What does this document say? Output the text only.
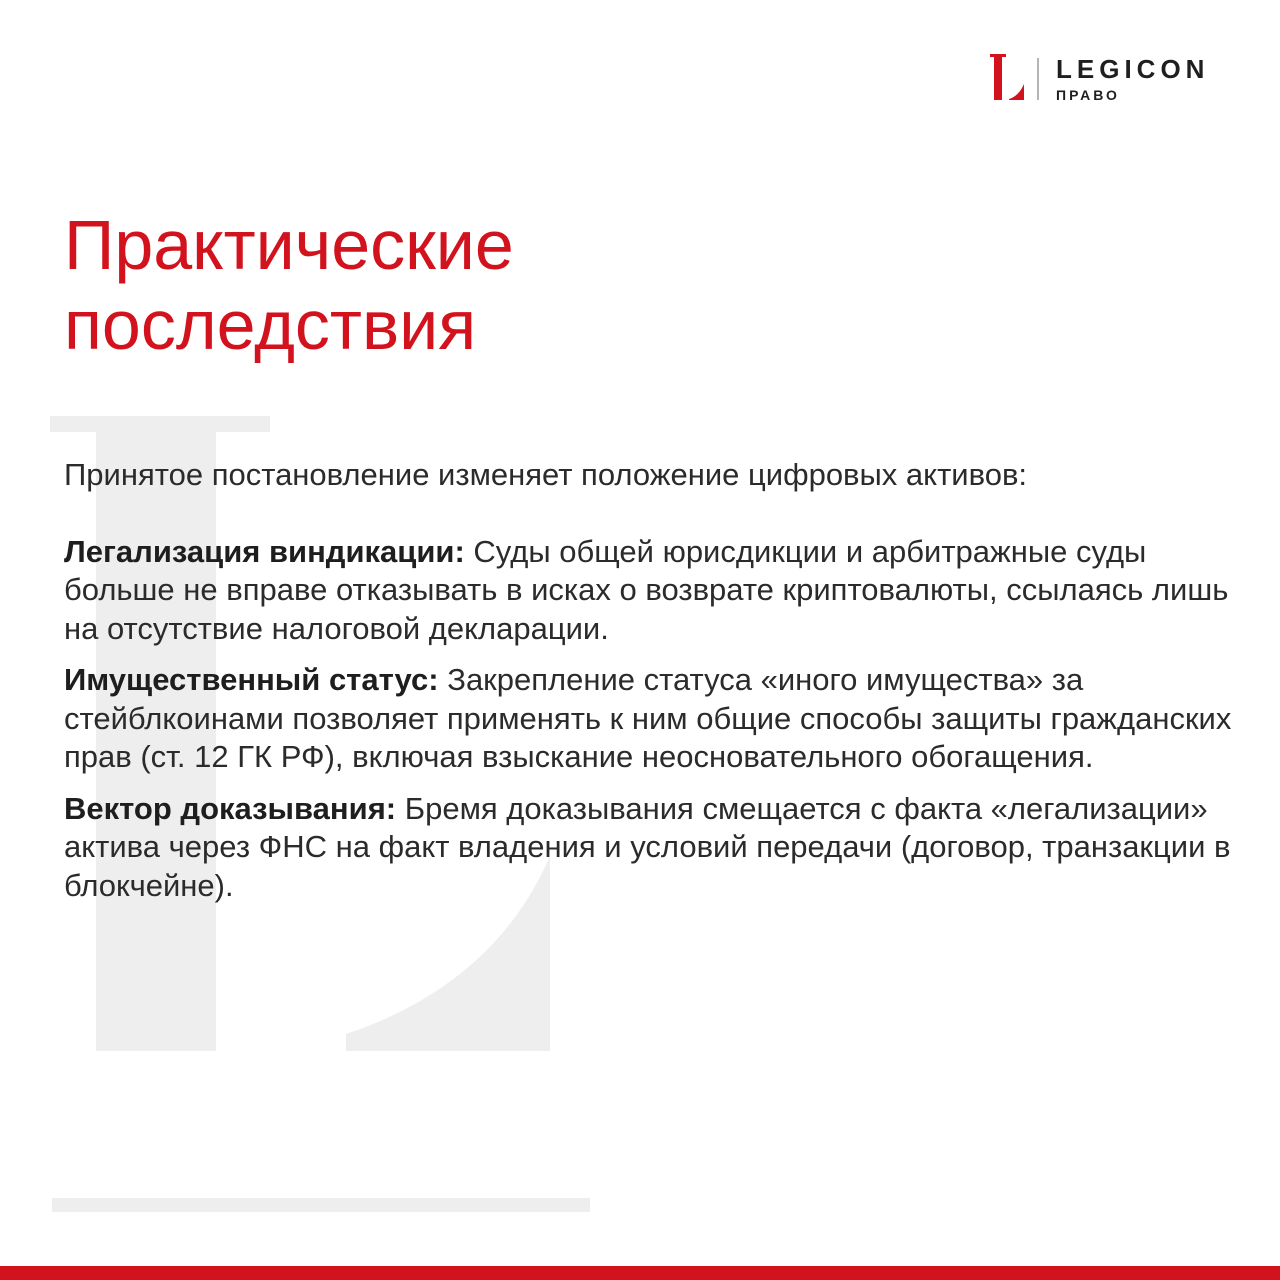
LEGICON
ПРАВО
Практические
последствия

Принятое постановление изменяет положение цифровых активов:

Легализация виндикации: Суды общей юрисдикции и арбитражные суды больше не вправе отказывать в исках о возврате криптовалюты, ссылаясь лишь на отсутствие налоговой декларации.

Имущественный статус: Закрепление статуса «иного имущества» за стейблкоинами позволяет применять к ним общие способы защиты гражданских прав (ст. 12 ГК РФ), включая взыскание неосновательного обогащения.

Вектор доказывания: Бремя доказывания смещается с факта «легализации» актива через ФНС на факт владения и условий передачи (договор, транзакции в блокчейне).
